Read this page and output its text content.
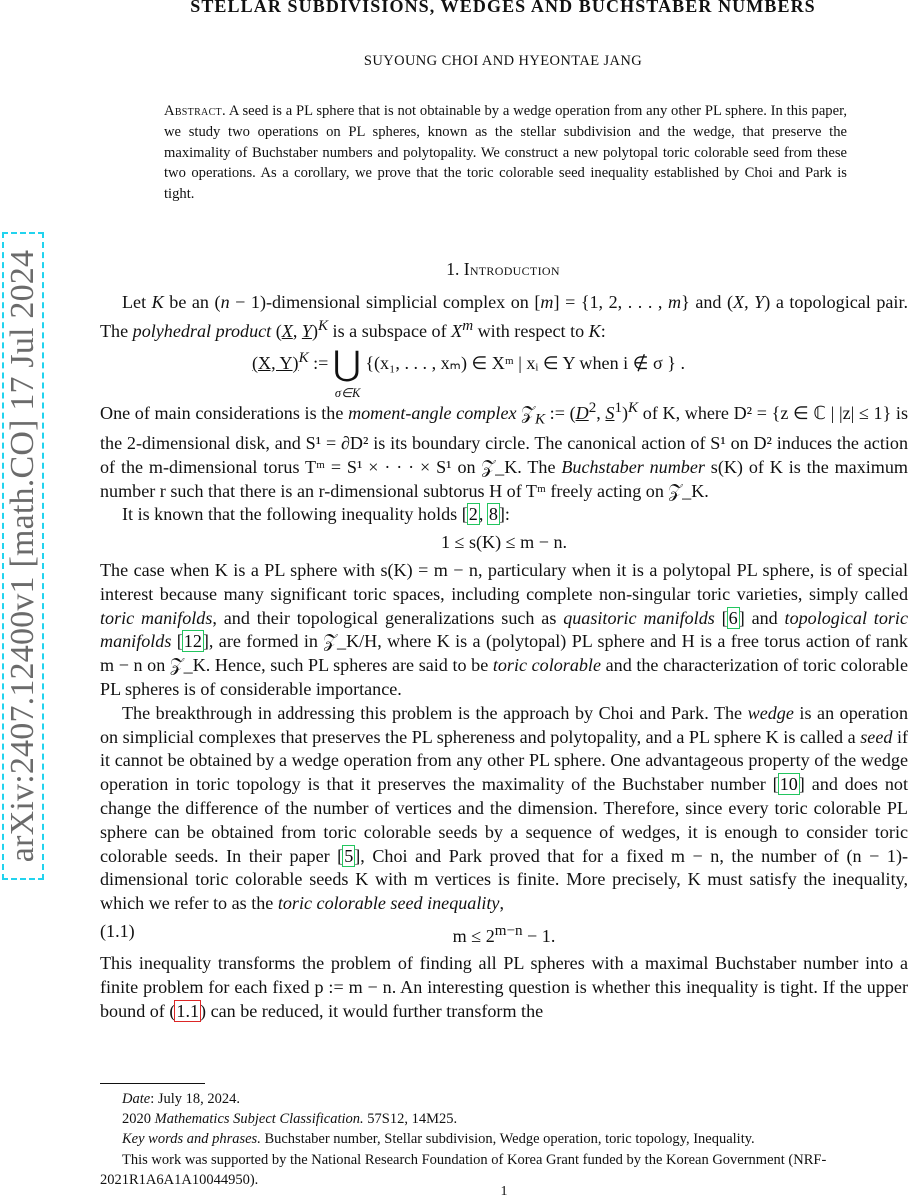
arXiv:2407.12400v1 [math.CO] 17 Jul 2024
STELLAR SUBDIVISIONS, WEDGES AND BUCHSTABER NUMBERS
SUYOUNG CHOI AND HYEONTAE JANG
Abstract. A seed is a PL sphere that is not obtainable by a wedge operation from any other PL sphere. In this paper, we study two operations on PL spheres, known as the stellar subdivision and the wedge, that preserve the maximality of Buchstaber numbers and polytopality. We construct a new polytopal toric colorable seed from these two operations. As a corollary, we prove that the toric colorable seed inequality established by Choi and Park is tight.
1. Introduction

Let K be an (n − 1)-dimensional simplicial complex on [m] = {1, 2, . . . , m} and (X, Y) a topological pair. The polyhedral product (X, Y)$^K$ is a subspace of $X^m$ with respect to K:

(X, Y)$^K$ := ⋃
σ∈K
{(x₁, . . . , xₘ) ∈ Xᵐ | xᵢ ∈ Y when i ∉ σ } .

One of main considerations is the moment-angle complex 𝒵$_K$ := ($D^2$, $S^1)^K$ of K, where D² = {z ∈ ℂ | |z| ≤ 1} is the 2-dimensional disk, and S¹ = ∂D² is its boundary circle. The canonical action of S¹ on D² induces the action of the m-dimensional torus Tᵐ = S¹ × · · · × S¹ on 𝒵_K. The Buchstaber number s(K) of K is the maximum number r such that there is an r-dimensional subtorus H of Tᵐ freely acting on 𝒵_K.

It is known that the following inequality holds [2, 8]:

1 ≤ s(K) ≤ m − n.

The case when K is a PL sphere with s(K) = m − n, particulary when it is a polytopal PL sphere, is of special interest because many significant toric spaces, including complete non-singular toric varieties, simply called toric manifolds, and their topological generalizations such as quasitoric manifolds [6] and topological toric manifolds [12], are formed in 𝒵_K/H, where K is a (polytopal) PL sphere and H is a free torus action of rank m − n on 𝒵_K. Hence, such PL spheres are said to be toric colorable and the characterization of toric colorable PL spheres is of considerable importance.

The breakthrough in addressing this problem is the approach by Choi and Park. The wedge is an operation on simplicial complexes that preserves the PL sphereness and polytopality, and a PL sphere K is called a seed if it cannot be obtained by a wedge operation from any other PL sphere. One advantageous property of the wedge operation in toric topology is that it preserves the maximality of the Buchstaber number [10] and does not change the difference of the number of vertices and the dimension. Therefore, since every toric colorable PL sphere can be obtained from toric colorable seeds by a sequence of wedges, it is enough to consider toric colorable seeds. In their paper [5], Choi and Park proved that for a fixed m − n, the number of (n − 1)-dimensional toric colorable seeds K with m vertices is finite. More precisely, K must satisfy the inequality, which we refer to as the toric colorable seed inequality,

(1.1)	$m \le 2^{m-n} - 1$.

This inequality transforms the problem of finding all PL spheres with a maximal Buchstaber number into a finite problem for each fixed p := m − n. An interesting question is whether this inequality is tight. If the upper bound of (1.1) can be reduced, it would further transform the

Date: July 18, 2024.

2020 Mathematics Subject Classification. 57S12, 14M25.

Key words and phrases. Buchstaber number, Stellar subdivision, Wedge operation, toric topology, Inequality.

This work was supported by the National Research Foundation of Korea Grant funded by the Korean Government (NRF-2021R1A6A1A10044950).

1
